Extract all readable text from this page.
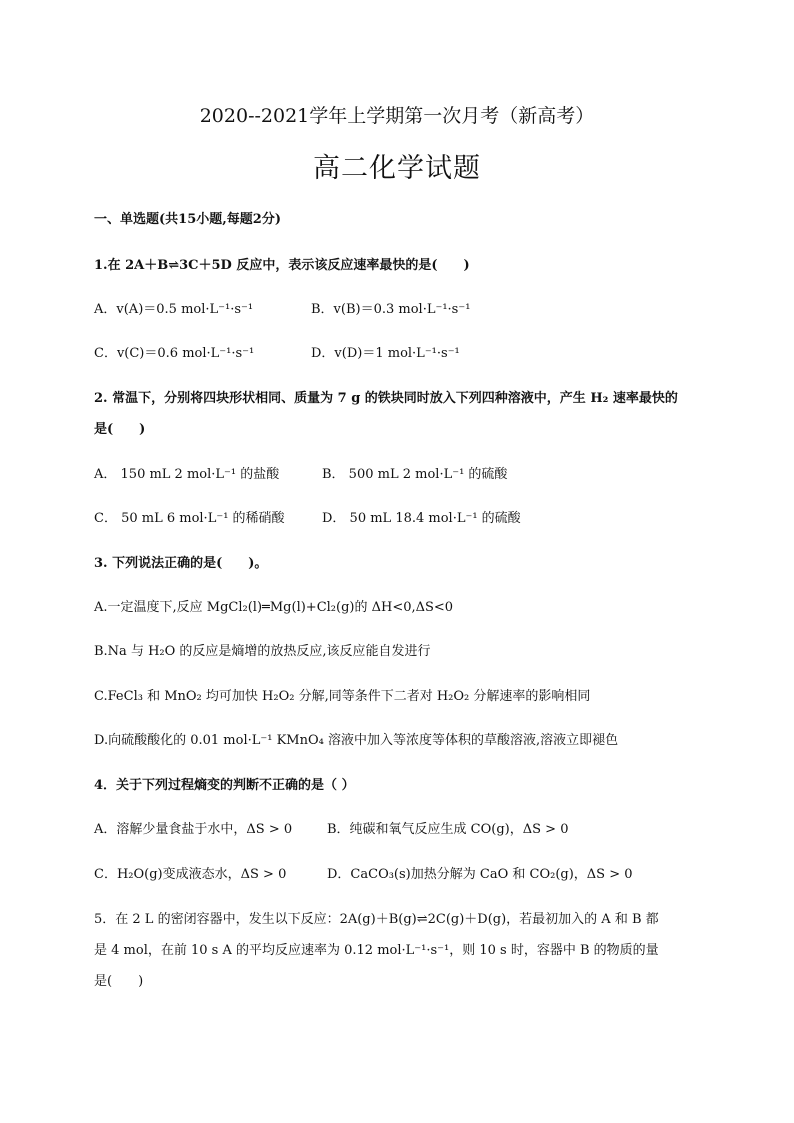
2020--2021学年上学期第一次月考（新高考）
高二化学试题
一、单选题(共15小题,每题2分)
1.在 2A＋B⇌3C＋5D 反应中，表示该反应速率最快的是(　　)
A．v(A)＝0.5 mol·L⁻¹·s⁻¹	B．v(B)＝0.3 mol·L⁻¹·s⁻¹
C．v(C)＝0.6 mol·L⁻¹·s⁻¹	D．v(D)＝1 mol·L⁻¹·s⁻¹
2. 常温下，分别将四块形状相同、质量为 7 g 的铁块同时放入下列四种溶液中，产生 H₂ 速率最快的
是(　　)
A． 150 mL 2 mol·L⁻¹ 的盐酸	B． 500 mL 2 mol·L⁻¹ 的硫酸
C． 50 mL 6 mol·L⁻¹ 的稀硝酸	D． 50 mL 18.4 mol·L⁻¹ 的硫酸
3. 下列说法正确的是(　　)。
A.一定温度下,反应 MgCl₂(l)═Mg(l)+Cl₂(g)的 ΔH<0,ΔS<0
B.Na 与 H₂O 的反应是熵增的放热反应,该反应能自发进行
C.FeCl₃ 和 MnO₂ 均可加快 H₂O₂ 分解,同等条件下二者对 H₂O₂ 分解速率的影响相同
D.向硫酸酸化的 0.01 mol·L⁻¹ KMnO₄ 溶液中加入等浓度等体积的草酸溶液,溶液立即褪色
4．关于下列过程熵变的判断不正确的是（ ）
A．溶解少量食盐于水中，ΔS > 0	B．纯碳和氧气反应生成 CO(g)，ΔS > 0
C．H₂O(g)变成液态水，ΔS > 0	D．CaCO₃(s)加热分解为 CaO 和 CO₂(g)，ΔS > 0
5．在 2 L 的密闭容器中，发生以下反应：2A(g)＋B(g)⇌2C(g)＋D(g)，若最初加入的 A 和 B 都
是 4 mol，在前 10 s A 的平均反应速率为 0.12 mol·L⁻¹·s⁻¹，则 10 s 时，容器中 B 的物质的量
是(　　)
